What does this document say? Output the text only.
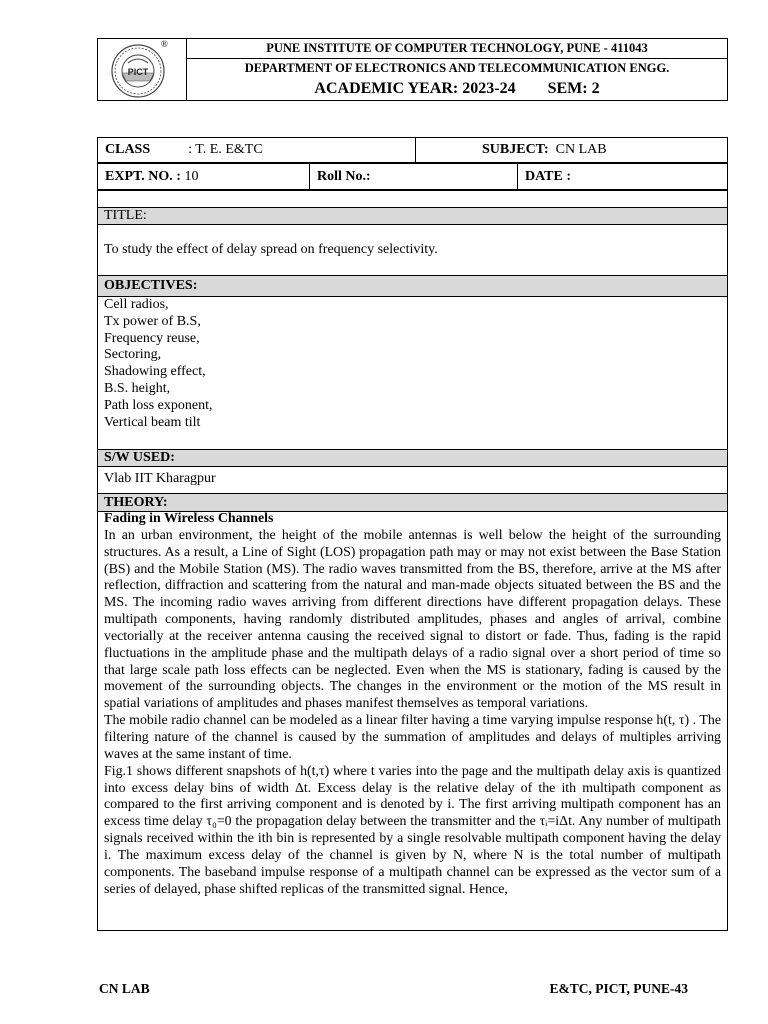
PICT
®	PUNE INSTITUTE OF COMPUTER TECHNOLOGY, PUNE - 411043
DEPARTMENT OF ELECTRONICS AND TELECOMMUNICATION ENGG.
ACADEMIC YEAR: 2023-24 SEM: 2
CLASS	: T. E. E&TC	SUBJECT: CN LAB
EXPT. NO. : 10	Roll No.:	DATE :
TITLE:
To study the effect of delay spread on frequency selectivity.
OBJECTIVES:
Cell radios,
Tx power of B.S,
Frequency reuse,
Sectoring,
Shadowing effect,
B.S. height,
Path loss exponent,
Vertical beam tilt
S/W USED:
Vlab IIT Kharagpur
THEORY:
Fading in Wireless Channels

In an urban environment, the height of the mobile antennas is well below the height of the surrounding structures. As a result, a Line of Sight (LOS) propagation path may or may not exist between the Base Station (BS) and the Mobile Station (MS). The radio waves transmitted from the BS, therefore, arrive at the MS after reflection, diffraction and scattering from the natural and man-made objects situated between the BS and the MS. The incoming radio waves arriving from different directions have different propagation delays. These multipath components, having randomly distributed amplitudes, phases and angles of arrival, combine vectorially at the receiver antenna causing the received signal to distort or fade. Thus, fading is the rapid fluctuations in the amplitude phase and the multipath delays of a radio signal over a short period of time so that large scale path loss effects can be neglected. Even when the MS is stationary, fading is caused by the movement of the surrounding objects. The changes in the environment or the motion of the MS result in spatial variations of amplitudes and phases manifest themselves as temporal variations.

The mobile radio channel can be modeled as a linear filter having a time varying impulse response h(t, τ) . The filtering nature of the channel is caused by the summation of amplitudes and delays of multiples arriving waves at the same instant of time.

Fig.1 shows different snapshots of h(t,τ) where t varies into the page and the multipath delay axis is quantized into excess delay bins of width Δt. Excess delay is the relative delay of the ith multipath component as compared to the first arriving component and is denoted by i. The first arriving multipath component has an excess time delay τ₀=0 the propagation delay between the transmitter and the τᵢ=iΔt. Any number of multipath signals received within the ith bin is represented by a single resolvable multipath component having the delay i. The maximum excess delay of the channel is given by N, where N is the total number of multipath components. The baseband impulse response of a multipath channel can be expressed as the vector sum of a series of delayed, phase shifted replicas of the transmitted signal. Hence,

CN LAB	E&TC, PICT, PUNE-43
